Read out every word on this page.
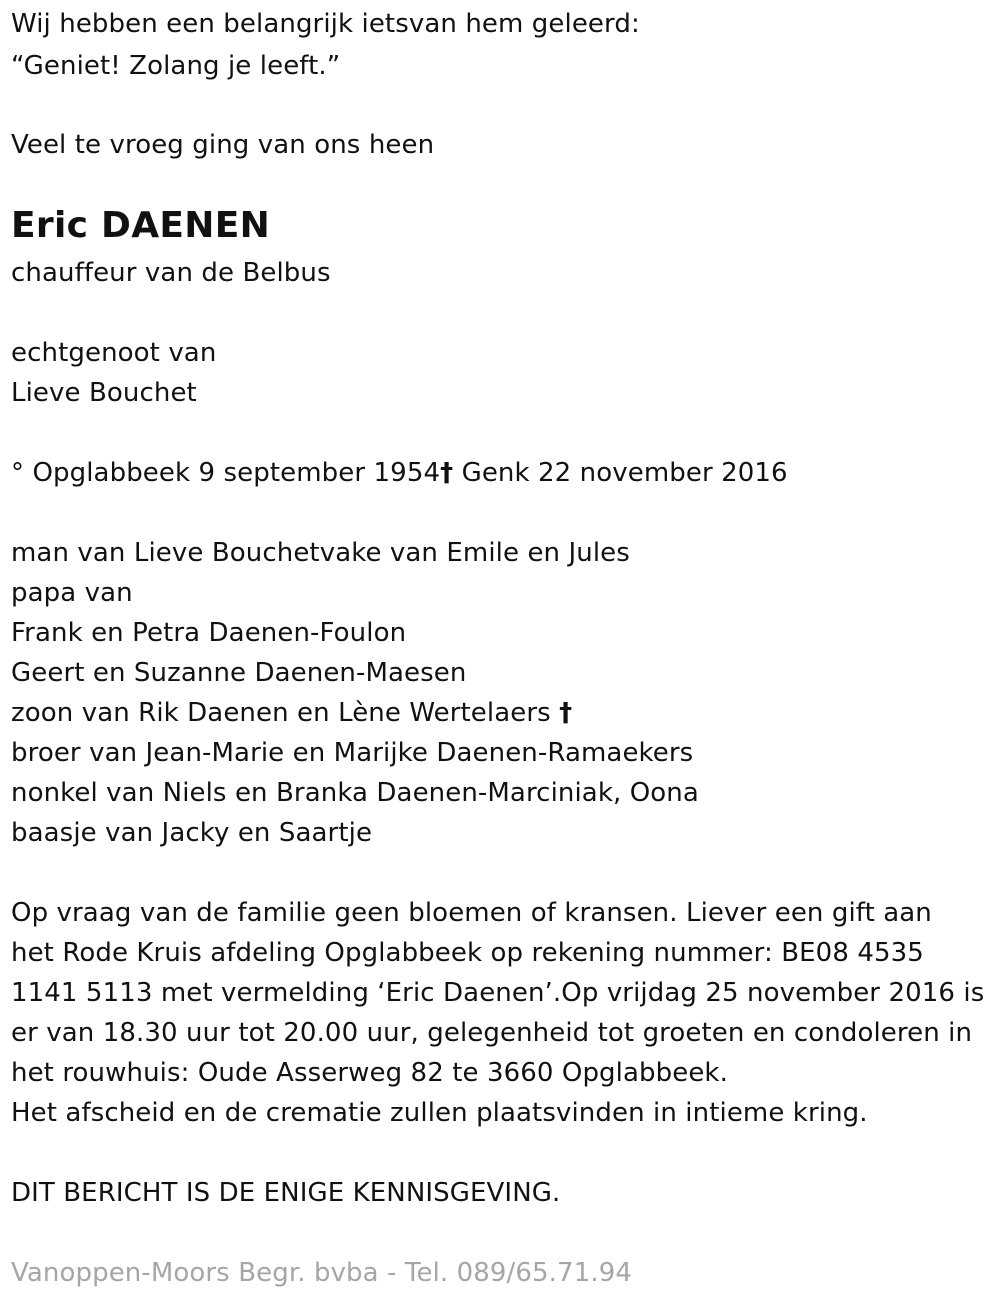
Wij hebben een belangrijk ietsvan hem geleerd:
“Geniet! Zolang je leeft.”
Veel te vroeg ging van ons heen
Eric DAENEN
chauffeur van de Belbus
echtgenoot van
Lieve Bouchet
° Opglabbeek 9 september 1954† Genk 22 november 2016
man van Lieve Bouchetvake van Emile en Jules
papa van
Frank en Petra Daenen-Foulon
Geert en Suzanne Daenen-Maesen
zoon van Rik Daenen en Lène Wertelaers †
broer van Jean-Marie en Marijke Daenen-Ramaekers
nonkel van Niels en Branka Daenen-Marciniak, Oona
baasje van Jacky en Saartje
Op vraag van de familie geen bloemen of kransen. Liever een gift aan
het Rode Kruis afdeling Opglabbeek op rekening nummer: BE08 4535
1141 5113 met vermelding ‘Eric Daenen’.Op vrijdag 25 november 2016 is
er van 18.30 uur tot 20.00 uur, gelegenheid tot groeten en condoleren in
het rouwhuis: Oude Asserweg 82 te 3660 Opglabbeek.
Het afscheid en de crematie zullen plaatsvinden in intieme kring.
DIT BERICHT IS DE ENIGE KENNISGEVING.
Vanoppen-Moors Begr. bvba - Tel. 089/65.71.94
